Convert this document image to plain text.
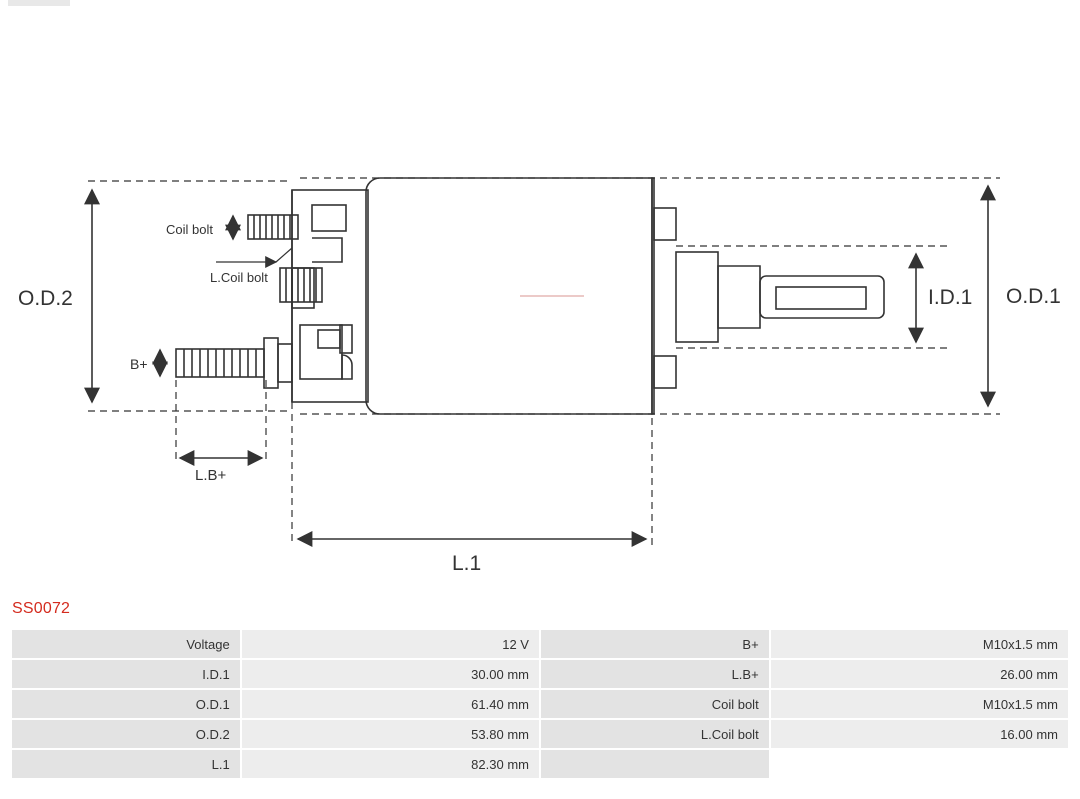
O.D.2	O.D.1
I.D.1
Coil bolt
L.Coil bolt
B+
L.B+
L.1
SS0072
Voltage	12 V	B+	M10x1.5 mm
I.D.1	30.00 mm	L.B+	26.00 mm
O.D.1	61.40 mm	Coil bolt	M10x1.5 mm
O.D.2	53.80 mm	L.Coil bolt	16.00 mm
L.1	82.30 mm		
